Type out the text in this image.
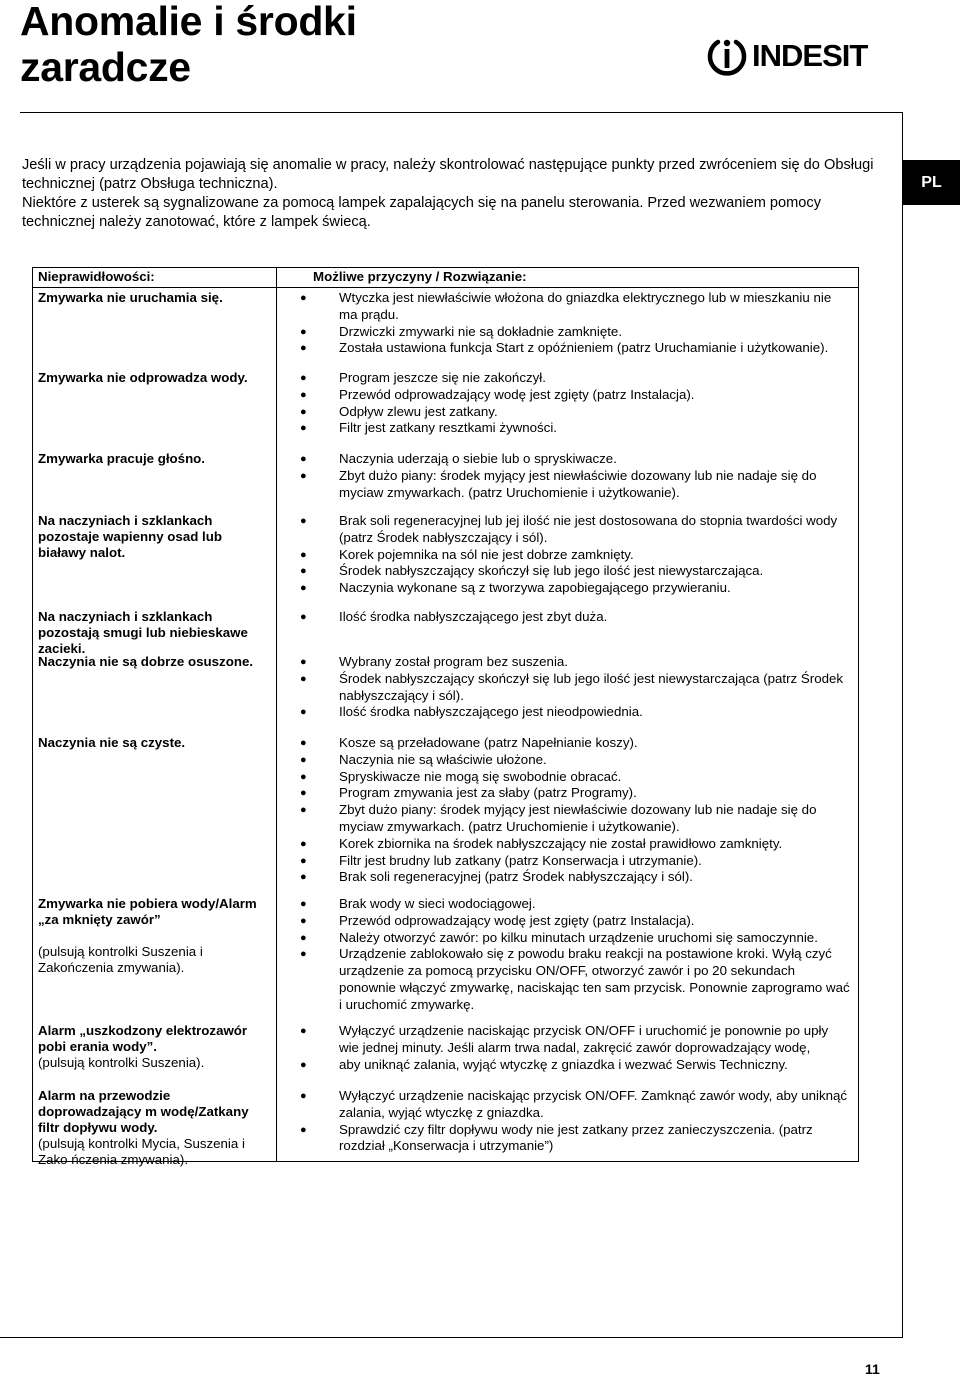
Anomalie i środki
zaradcze	INDESIT
PL

Jeśli w pracy urządzenia pojawiają się anomalie w pracy, należy skontrolować następujące punkty przed zwróceniem się do Obsługi technicznej (patrz Obsługa techniczna).

Niektóre z usterek są sygnalizowane za pomocą lampek zapalających się na panelu sterowania. Przed wezwaniem pomocy technicznej należy zanotować, które z lampek świecą.

Nieprawidłowości:	Możliwe przyczyny / Rozwiązanie:
Zmywarka nie uruchamia się.	● Wtyczka jest niewłaściwie włożona do gniazdka elektrycznego lub w mieszkaniu nie ma prądu.
● Drzwiczki zmywarki nie są dokładnie zamknięte.
● Została ustawiona funkcja Start z opóźnieniem (patrz Uruchamianie i użytkowanie).
Zmywarka nie odprowadza wody.	● Program jeszcze się nie zakończył.
● Przewód odprowadzający wodę jest zgięty (patrz Instalacja).
● Odpływ zlewu jest zatkany.
● Filtr jest zatkany resztkami żywności.
Zmywarka pracuje głośno.	● Naczynia uderzają o siebie lub o spryskiwacze.
● Zbyt dużo piany: środek myjący jest niewłaściwie dozowany lub nie nadaje się do myciaw zmywarkach. (patrz Uruchomienie i użytkowanie).
Na naczyniach i szklankach pozostaje wapienny osad lub białawy nalot.
● Brak soli regeneracyjnej lub jej ilość nie jest dostosowana do stopnia twardości wody (patrz Środek nabłyszczający i sól).
● Korek pojemnika na sól nie jest dobrze zamknięty.
● Środek nabłyszczający skończył się lub jego ilość jest niewystarczająca.
● Naczynia wykonane są z tworzywa zapobiegającego przywieraniu.
Na naczyniach i szklankach pozostają smugi lub niebieskawe zacieki.
● Ilość środka nabłyszczającego jest zbyt duża.
Naczynia nie są dobrze osuszone.	● Wybrany został program bez suszenia.
● Środek nabłyszczający skończył się lub jego ilość jest niewystarczająca (patrz Środek nabłyszczający i sól).
● Ilość środka nabłyszczającego jest nieodpowiednia.
Naczynia nie są czyste.	● Kosze są przeładowane (patrz Napełnianie koszy).
● Naczynia nie są właściwie ułożone.
● Spryskiwacze nie mogą się swobodnie obracać.
● Program zmywania jest za słaby (patrz Programy).
● Zbyt dużo piany: środek myjący jest niewłaściwie dozowany lub nie nadaje się do myciaw zmywarkach. (patrz Uruchomienie i użytkowanie).
● Korek zbiornika na środek nabłyszczający nie został prawidłowo zamknięty.
● Filtr jest brudny lub zatkany (patrz Konserwacja i utrzymanie).
● Brak soli regeneracyjnej (patrz Środek nabłyszczający i sól).
Zmywarka nie pobiera wody/Alarm „za mknięty zawór”
(pulsują kontrolki Suszenia i Zakończenia zmywania).
● Brak wody w sieci wodociągowej.
● Przewód odprowadzający wodę jest zgięty (patrz Instalacja).
● Należy otworzyć zawór: po kilku minutach urządzenie uruchomi się samoczynnie.
● Urządzenie zablokowało się z powodu braku reakcji na postawione kroki. Wyłą czyć urządzenie za pomocą przycisku ON/OFF, otworzyć zawór i po 20 sekundach ponownie włączyć zmywarkę, naciskając ten sam przycisk. Ponownie zaprogramo wać i uruchomić zmywarkę.
Alarm „uszkodzony elektrozawór pobi erania wody”.
(pulsują kontrolki Suszenia).
● Wyłączyć urządzenie naciskając przycisk ON/OFF i uruchomić je ponownie po upły wie jednej minuty. Jeśli alarm trwa nadal, zakręcić zawór doprowadzający wodę,
● aby uniknąć zalania, wyjąć wtyczkę z gniazdka i wezwać Serwis Techniczny.
Alarm na przewodzie doprowadzający m wodę/Zatkany filtr dopływu wody.
(pulsują kontrolki Mycia, Suszenia i Zako ńczenia zmywania).
● Wyłączyć urządzenie naciskając przycisk ON/OFF. Zamknąć zawór wody, aby uniknąć zalania, wyjąć wtyczkę z gniazdka.
● Sprawdzić czy filtr dopływu wody nie jest zatkany przez zanieczyszczenia. (patrz rozdział „Konserwacja i utrzymanie”)
11
